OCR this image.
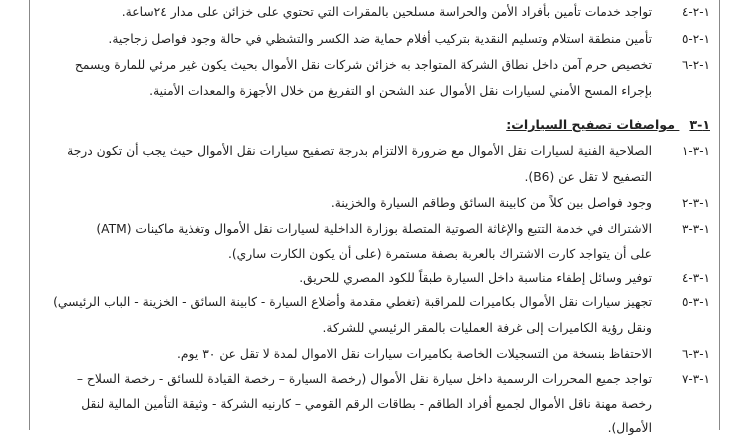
١-٢-٤
تواجد خدمات تأمين بأفراد الأمن والحراسة مسلحين بالمقرات التي تحتوي على خزائن على مدار ٢٤ساعة.
١-٢-٥
تأمين منطقة استلام وتسليم النقدية بتركيب أفلام حماية ضد الكسر والتشظي في حالة وجود فواصل زجاجية.
١-٢-٦
تخصيص حرم آمن داخل نطاق الشركة المتواجد به خزائن شركات نقل الأموال بحيث يكون غير مرئي للمارة ويسمح
بإجراء المسح الأمني لسيارات نقل الأموال عند الشحن او التفريغ من خلال الأجهزة والمعدات الأمنية.
١-٣ مواصفات تصفيح السيارات:
١-٣-١
الصلاحية الفنية لسيارات نقل الأموال مع ضرورة الالتزام بدرجة تصفيح سيارات نقل الأموال حيث يجب أن تكون درجة
التصفيح لا تقل عن (B6).
١-٣-٢
وجود فواصل بين كلاً من كابينة السائق وطاقم السيارة والخزينة.
١-٣-٣
الاشتراك في خدمة التتبع والإغاثة الصوتية المتصلة بوزارة الداخلية لسيارات نقل الأموال وتغذية ماكينات (ATM)
على أن يتواجد كارت الاشتراك بالعربة بصفة مستمرة (على أن يكون الكارت ساري).
١-٣-٤
توفير وسائل إطفاء مناسبة داخل السيارة طبقاً للكود المصري للحريق.
١-٣-٥
تجهيز سيارات نقل الأموال بكاميرات للمراقبة (تغطي مقدمة وأضلاع السيارة - كابينة السائق - الخزينة - الباب الرئيسي)
ونقل رؤية الكاميرات إلى غرفة العمليات بالمقر الرئيسي للشركة.
١-٣-٦
الاحتفاظ بنسخة من التسجيلات الخاصة بكاميرات سيارات نقل الاموال لمدة لا تقل عن ٣٠ يوم.
١-٣-٧
تواجد جميع المحررات الرسمية داخل سيارة نقل الأموال (رخصة السيارة – رخصة القيادة للسائق - رخصة السلاح –
رخصة مهنة ناقل الأموال لجميع أفراد الطاقم - بطاقات الرقم القومي – كارنيه الشركة - وثيقة التأمين المالية لنقل
الأموال).
